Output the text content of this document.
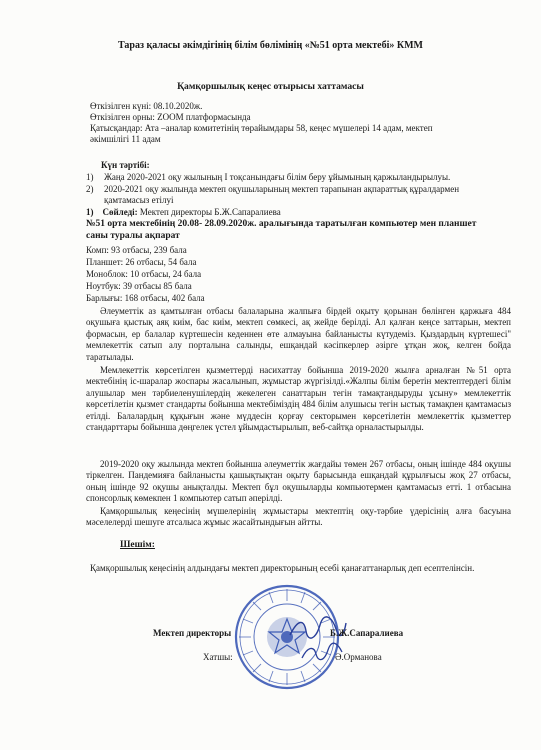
Тараз қаласы әкімдігінің білім бөлімінің «№51 орта мектебі» КММ
Қамқоршылық кеңес отырысы хаттамасы
Өткізілген күні: 08.10.2020ж.
Өткізілген орны: ZOOM платформасында
Қатысқандар: Ата –аналар комитетінің төрайымдары 58, кеңес мүшелері 14 адам, мектеп
әкімшілігі 11 адам
Күн тәртібі:
1) Жаңа 2020-2021 оқу жылының І тоқсанындағы білім беру ұйымының қаржыландырылуы.
2) 2020-2021 оқу жылында мектеп оқушыларының мектеп тарапынан ақпараттық құралдармен
қамтамасыз етілуі
1) Сөйледі: Мектеп директоры Б.Ж.Сапаралиева
№51 орта мектебінің 20.08- 28.09.2020ж. аралығында таратылған компьютер мен планшет
саны туралы ақпарат
Комп: 93 отбасы, 239 бала
Планшет: 26 отбасы, 54 бала
Моноблок: 10 отбасы, 24 бала
Ноутбук: 39 отбасы 85 бала
Барлығы: 168 отбасы, 402 бала
Әлеуметтік аз қамтылған отбасы балаларына жалпыға бірдей оқыту қорынан бөлінген қаржыға 484 оқушыға қыстық аяқ киім, бас киім, мектеп сөмкесі, ақ жейде берілді. Ал қалған кеңсе заттарын, мектеп формасын, ер балалар күртешесін кеденнен өте алмауына байланысты күтудеміз. Қыздардың күртешесі" мемлекеттік сатып алу порталына салынды, ешқандай кәсіпкерлер әзірге ұтқан жоқ, келген бойда таратылады.
Мемлекеттік көрсетілген қызметтерді насихаттау бойынша 2019-2020 жылға арналған №51 орта мектебінің іс-шаралар жоспары жасалынып, жұмыстар жүргізілді.«Жалпы білім беретін мектептердегі білім алушылар мен тәрбиеленушілердің жекелеген санаттарын тегін тамақтандыруды ұсыну» мемлекеттік көрсетілетін қызмет стандарты бойынша мектебіміздің 484 білім алушысы тегін ыстық тамақпен қамтамасыз етілді. Балалардың құқығын және мүддесін қорғау секторымен көрсетілетін мемлекеттік қызметтер стандарттары бойынша дөңгелек үстел ұйымдастырылып, веб-сайтқа орналастырылды.
2019-2020 оқу жылында мектеп бойынша әлеуметтік жағдайы төмен 267 отбасы, оның ішінде 484 оқушы тіркелген. Пандемияға байланысты қашықтықтан оқыту барысында ешқандай құрылғысы жоқ 27 отбасы, оның ішінде 92 оқушы анықталды. Мектеп бұл оқушыларды компьютермен қамтамасыз етті. 1 отбасына спонсорлық көмекпен 1 компьютер сатып әперілді.
Қамқоршылық кеңесінің мүшелерінің жұмыстары мектептің оқу-тәрбие үдерісінің алға басуына мәселелерді шешуге атсалыса жұмыс жасайтындығын айтты.
Шешім:
Қамқоршылық кеңесінің алдындағы мектеп директорының есебі қанағаттанарлық деп есептелінсін.
Мектеп директоры	Б.Ж.Сапаралиева
Хатшы:	Ә.Орманова
